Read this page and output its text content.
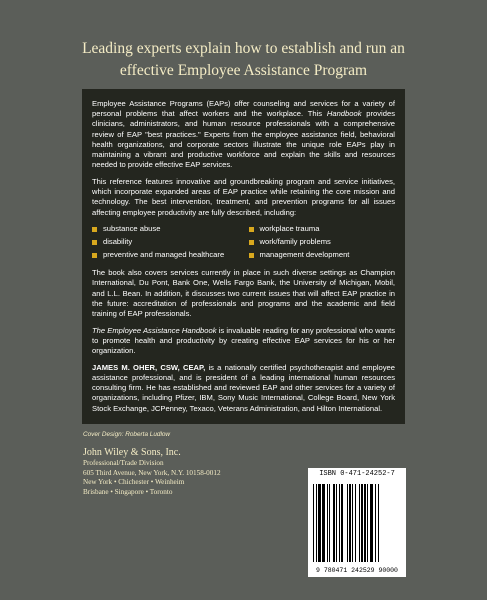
Leading experts explain how to establish and run an
effective Employee Assistance Program

Employee Assistance Programs (EAPs) offer counseling and services for a variety of personal problems that affect workers and the workplace. This Handbook provides clinicians, administrators, and human resource professionals with a comprehensive review of EAP "best practices." Experts from the employee assistance field, behavioral health organizations, and corporate sectors illustrate the unique role EAPs play in maintaining a vibrant and productive workforce and explain the skills and resources needed to provide effective EAP services.

This reference features innovative and groundbreaking program and service initiatives, which incorporate expanded areas of EAP practice while retaining the core mission and technology. The best intervention, treatment, and prevention programs for all issues affecting employee productivity are fully described, including:

substance abuse	workplace trauma
disability	work/family problems
preventive and managed healthcare	management development

The book also covers services currently in place in such diverse settings as Champion International, Du Pont, Bank One, Wells Fargo Bank, the University of Michigan, Mobil, and L.L. Bean. In addition, it discusses two current issues that will affect EAP practice in the future: accreditation of professionals and programs and the academic and field training of EAP professionals.

The Employee Assistance Handbook is invaluable reading for any professional who wants to promote health and productivity by creating effective EAP services for his or her organization.

JAMES M. OHER, CSW, CEAP, is a nationally certified psychotherapist and employee assistance professional, and is president of a leading international human resources consulting firm. He has established and reviewed EAP and other services for a variety of organizations, including Pfizer, IBM, Sony Music International, College Board, New York Stock Exchange, JCPenney, Texaco, Veterans Administration, and Hilton International.

Cover Design: Roberta Ludlow
John Wiley & Sons, Inc.
Professional/Trade Division
605 Third Avenue, New York, N.Y. 10158-0012
New York • Chichester • Weinheim
Brisbane • Singapore • Toronto
ISBN 0-471-24252-7
9 780471 242529 90000
